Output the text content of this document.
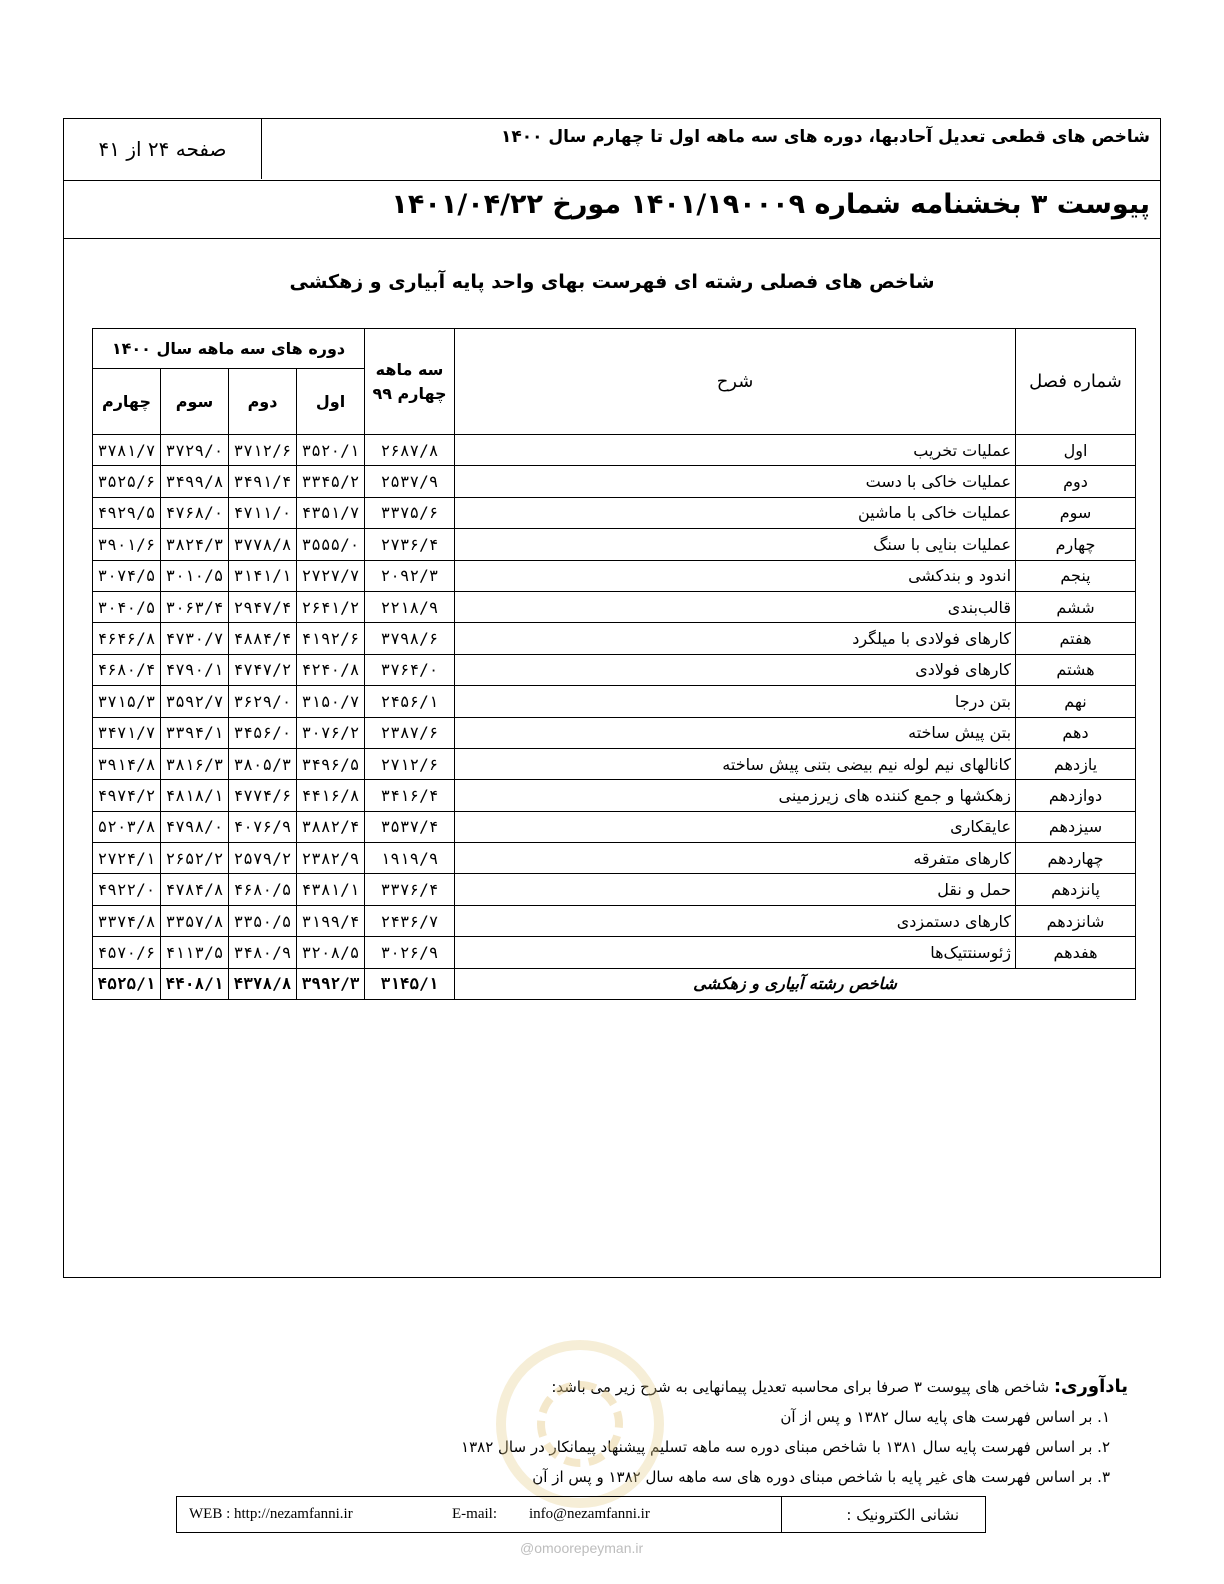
شاخص های قطعی تعدیل آحادبها، دوره های سه ماهه اول تا چهارم سال ۱۴۰۰
صفحه ۲۴ از ۴۱
پیوست ۳ بخشنامه شماره ۱۴۰۱/۱۹۰۰۰۹ مورخ ۱۴۰۱/۰۴/۲۲
شاخص های فصلی رشته ای فهرست بهای واحد پایه آبیاری و زهکشی
شماره فصل	شرح	سه ماهه چهارم ۹۹	دوره های سه ماهه سال ۱۴۰۰			
			اول	دوم	سوم	چهارم
اول	عملیات تخریب	۲۶۸۷/۸	۳۵۲۰/۱	۳۷۱۲/۶	۳۷۲۹/۰	۳۷۸۱/۷
دوم	عملیات خاکی با دست	۲۵۳۷/۹	۳۳۴۵/۲	۳۴۹۱/۴	۳۴۹۹/۸	۳۵۲۵/۶
سوم	عملیات خاکی با ماشین	۳۳۷۵/۶	۴۳۵۱/۷	۴۷۱۱/۰	۴۷۶۸/۰	۴۹۲۹/۵
چهارم	عملیات بنایی با سنگ	۲۷۳۶/۴	۳۵۵۵/۰	۳۷۷۸/۸	۳۸۲۴/۳	۳۹۰۱/۶
پنجم	اندود و بندکشی	۲۰۹۲/۳	۲۷۲۷/۷	۳۱۴۱/۱	۳۰۱۰/۵	۳۰۷۴/۵
ششم	قالب‌بندی	۲۲۱۸/۹	۲۶۴۱/۲	۲۹۴۷/۴	۳۰۶۳/۴	۳۰۴۰/۵
هفتم	کارهای فولادی با میلگرد	۳۷۹۸/۶	۴۱۹۲/۶	۴۸۸۴/۴	۴۷۳۰/۷	۴۶۴۶/۸
هشتم	کارهای فولادی	۳۷۶۴/۰	۴۲۴۰/۸	۴۷۴۷/۲	۴۷۹۰/۱	۴۶۸۰/۴
نهم	بتن درجا	۲۴۵۶/۱	۳۱۵۰/۷	۳۶۲۹/۰	۳۵۹۲/۷	۳۷۱۵/۳
دهم	بتن پیش ساخته	۲۳۸۷/۶	۳۰۷۶/۲	۳۴۵۶/۰	۳۳۹۴/۱	۳۴۷۱/۷
یازدهم	کانالهای نیم لوله نیم بیضی بتنی پیش ساخته	۲۷۱۲/۶	۳۴۹۶/۵	۳۸۰۵/۳	۳۸۱۶/۳	۳۹۱۴/۸
دوازدهم	زهکشها و جمع کننده های زیرزمینی	۳۴۱۶/۴	۴۴۱۶/۸	۴۷۷۴/۶	۴۸۱۸/۱	۴۹۷۴/۲
سیزدهم	عایقکاری	۳۵۳۷/۴	۳۸۸۲/۴	۴۰۷۶/۹	۴۷۹۸/۰	۵۲۰۳/۸
چهاردهم	کارهای متفرقه	۱۹۱۹/۹	۲۳۸۲/۹	۲۵۷۹/۲	۲۶۵۲/۲	۲۷۲۴/۱
پانزدهم	حمل و نقل	۳۳۷۶/۴	۴۳۸۱/۱	۴۶۸۰/۵	۴۷۸۴/۸	۴۹۲۲/۰
شانزدهم	کارهای دستمزدی	۲۴۳۶/۷	۳۱۹۹/۴	۳۳۵۰/۵	۳۳۵۷/۸	۳۳۷۴/۸
هفدهم	ژئوسنتتیک‌ها	۳۰۲۶/۹	۳۲۰۸/۵	۳۴۸۰/۹	۴۱۱۳/۵	۴۵۷۰/۶
شاخص رشته آبیاری و زهکشی		۳۱۴۵/۱	۳۹۹۲/۳	۴۳۷۸/۸	۴۴۰۸/۱	۴۵۲۵/۱
یادآوری: شاخص های پیوست ۳ صرفا برای محاسبه تعدیل پیمانهایی به شرح زیر می باشد:
۱. بر اساس فهرست های پایه سال ۱۳۸۲ و پس از آن
۲. بر اساس فهرست پایه سال ۱۳۸۱ با شاخص مبنای دوره سه ماهه تسلیم پیشنهاد پیمانکار در سال ۱۳۸۲
۳. بر اساس فهرست های غیر پایه با شاخص مبنای دوره های سه ماهه سال ۱۳۸۲ و پس از آن
نشانی الکترونیک :
WEB : http://nezamfanni.ir	E-mail: info@nezamfanni.ir
@omoorepeyman.ir
